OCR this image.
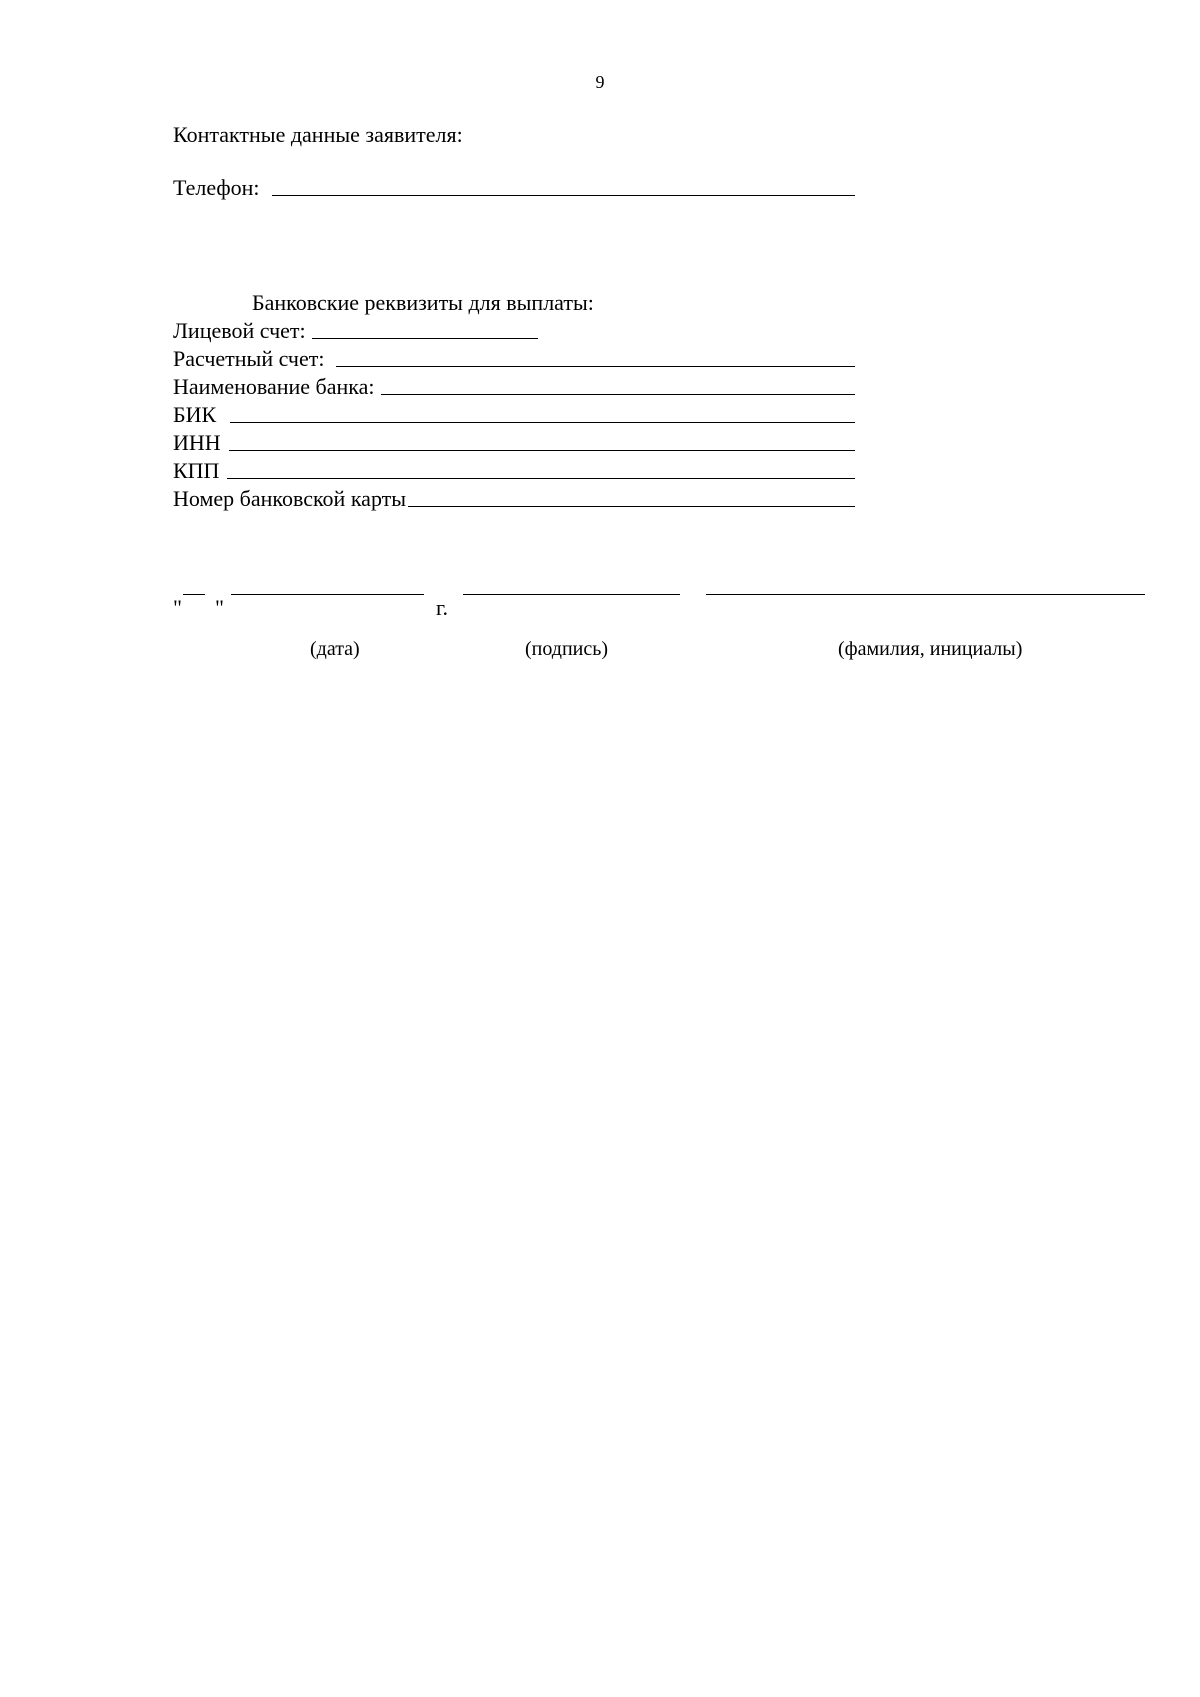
9
Контактные данные заявителя:
Телефон:
Банковские реквизиты для выплаты:
Лицевой счет:
Расчетный счет:
Наименование банка:
БИК
ИНН
КПП
Номер банковской карты
" "	г.
(дата)	(подпись)	(фамилия, инициалы)
